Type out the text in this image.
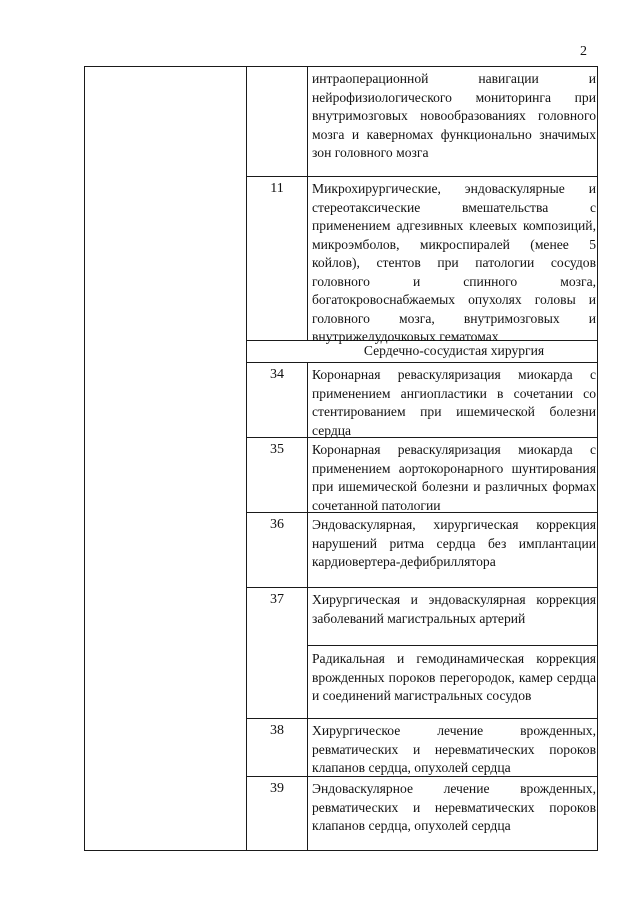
2
интраоперационной навигации и нейрофизиологического мониторинга при внутримозговых новообразованиях головного мозга и каверномах функционально значимых зон головного мозга
11	Микрохирургические, эндоваскулярные и стереотаксические вмешательства с применением адгезивных клеевых композиций, микроэмболов, микроспиралей (менее 5 койлов), стентов при патологии сосудов головного и спинного мозга, богатокровоснабжаемых опухолях головы и головного мозга, внутримозговых и внутрижелудочковых гематомах
Сердечно-сосудистая хирургия
34	Коронарная реваскуляризация миокарда с применением ангиопластики в сочетании со стентированием при ишемической болезни сердца
35	Коронарная реваскуляризация миокарда с применением аортокоронарного шунтирования при ишемической болезни и различных формах сочетанной патологии
36	Эндоваскулярная, хирургическая коррекция нарушений ритма сердца без имплантации кардиовертера-дефибриллятора
37	Хирургическая и эндоваскулярная коррекция заболеваний магистральных артерий
Радикальная и гемодинамическая коррекция врожденных пороков перегородок, камер сердца и соединений магистральных сосудов
38	Хирургическое лечение врожденных, ревматических и неревматических пороков клапанов сердца, опухолей сердца
39	Эндоваскулярное лечение врожденных, ревматических и неревматических пороков клапанов сердца, опухолей сердца
